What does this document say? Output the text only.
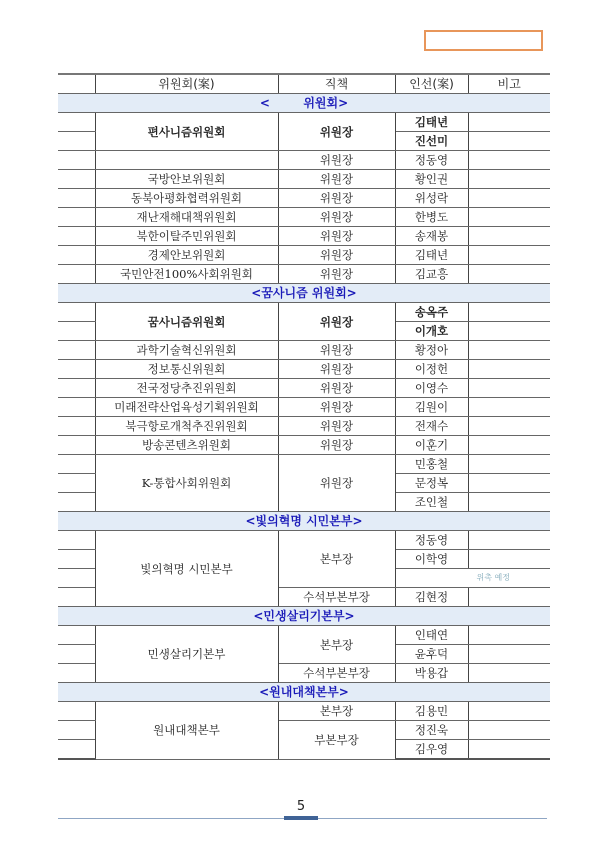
	위원회(案)	직책	인선(案)	비고
<        위원회>				
	편사니즘위원회	위원장	김태년	
			진선미	
		위원장	정동영	
	국방안보위원회	위원장	황인권	
	동북아평화협력위원회	위원장	위성락	
	재난재해대책위원회	위원장	한병도	
	북한이탈주민위원회	위원장	송재봉	
	경제안보위원회	위원장	김태년	
	국민안전100%사회위원회	위원장	김교흥	
<꿈사니즘 위원회>				
	꿈사니즘위원회	위원장	송옥주	
			이개호	
	과학기술혁신위원회	위원장	황정아	
	정보통신위원회	위원장	이정헌	
	전국정당추진위원회	위원장	이영수	
	미래전략산업육성기획위원회	위원장	김원이	
	북극항로개척추진위원회	위원장	전재수	
	방송콘텐츠위원회	위원장	이훈기	
	K-통합사회위원회	위원장	민홍철	
			문정복	
			조인철	
<빛의혁명 시민본부>				
	빛의혁명 시민본부	본부장	정동영	
			이학영	
			위촉 예정	
		수석부본부장	김현정	
<민생살리기본부>				
	민생살리기본부	본부장	인태연	
			윤후덕	
		수석부본부장	박용갑	
<원내대책본부>				
	원내대책본부	본부장	김용민	
		부본부장	정진욱	
			김우영	
5
